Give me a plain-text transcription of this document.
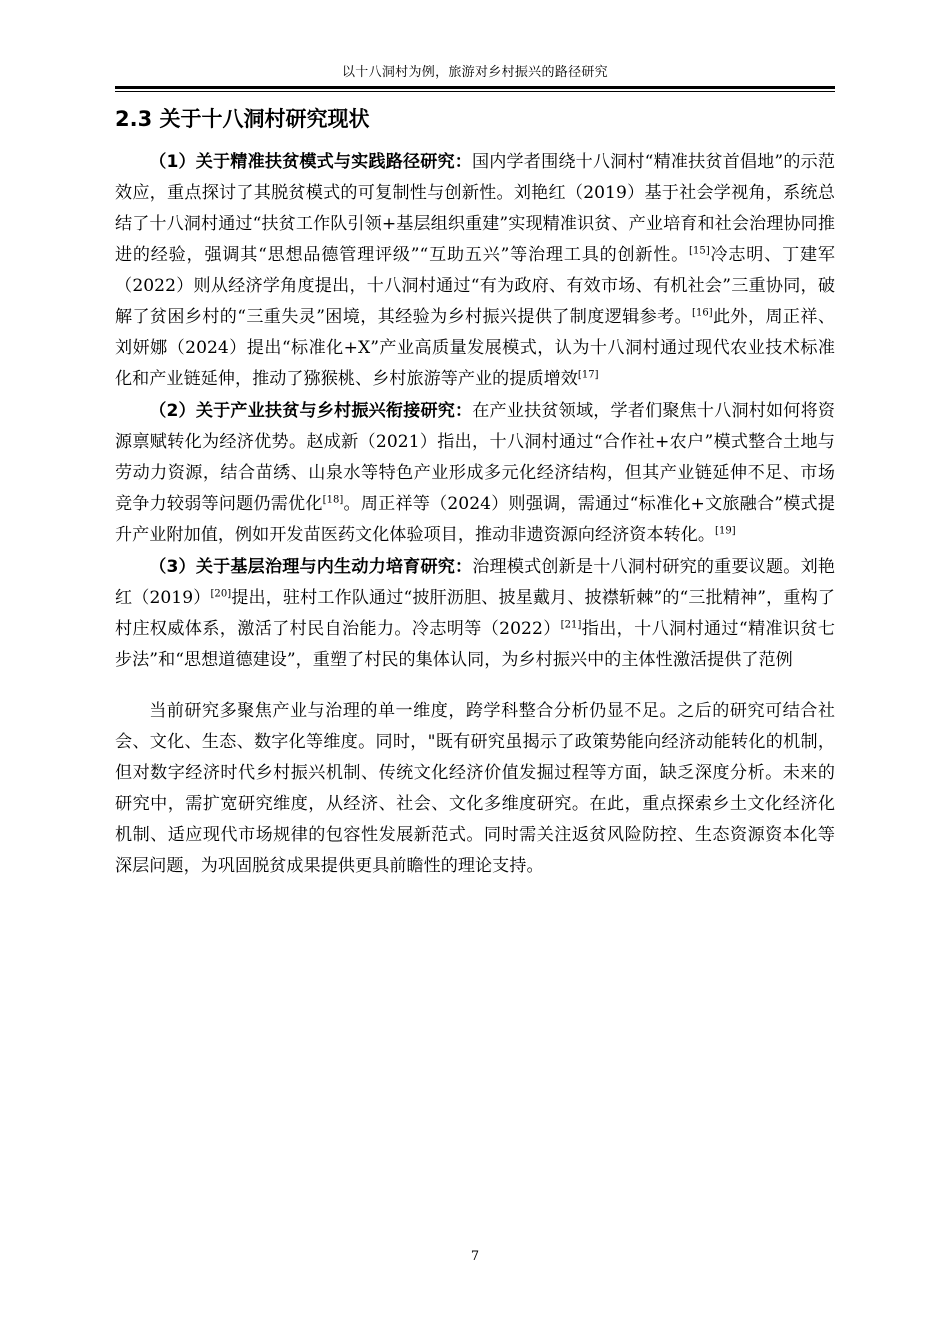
以十八洞村为例，旅游对乡村振兴的路径研究
2.3 关于十八洞村研究现状

（1）关于精准扶贫模式与实践路径研究：国内学者围绕十八洞村“精准扶贫首倡地”的示范效应，重点探讨了其脱贫模式的可复制性与创新性。刘艳红（2019）基于社会学视角，系统总结了十八洞村通过“扶贫工作队引领+基层组织重建”实现精准识贫、产业培育和社会治理协同推进的经验，强调其“思想品德管理评级”“互助五兴”等治理工具的创新性。[15]冷志明、丁建军（2022）则从经济学角度提出，十八洞村通过“有为政府、有效市场、有机社会”三重协同，破解了贫困乡村的“三重失灵”困境，其经验为乡村振兴提供了制度逻辑参考。[16]此外，周正祥、刘妍娜（2024）提出“标准化+X”产业高质量发展模式，认为十八洞村通过现代农业技术标准化和产业链延伸，推动了猕猴桃、乡村旅游等产业的提质增效[17]

（2）关于产业扶贫与乡村振兴衔接研究：在产业扶贫领域，学者们聚焦十八洞村如何将资源禀赋转化为经济优势。赵成新（2021）指出，十八洞村通过“合作社+农户”模式整合土地与劳动力资源，结合苗绣、山泉水等特色产业形成多元化经济结构，但其产业链延伸不足、市场竞争力较弱等问题仍需优化[18]。周正祥等（2024）则强调，需通过“标准化+文旅融合”模式提升产业附加值，例如开发苗医药文化体验项目，推动非遗资源向经济资本转化。[19]

（3）关于基层治理与内生动力培育研究：治理模式创新是十八洞村研究的重要议题。刘艳红（2019）[20]提出，驻村工作队通过“披肝沥胆、披星戴月、披襟斩棘”的“三批精神”，重构了村庄权威体系，激活了村民自治能力。冷志明等（2022）[21]指出，十八洞村通过“精准识贫七步法”和“思想道德建设”，重塑了村民的集体认同，为乡村振兴中的主体性激活提供了范例

当前研究多聚焦产业与治理的单一维度，跨学科整合分析仍显不足。之后的研究可结合社会、文化、生态、数字化等维度。同时，"既有研究虽揭示了政策势能向经济动能转化的机制，但对数字经济时代乡村振兴机制、传统文化经济价值发掘过程等方面，缺乏深度分析。未来的研究中，需扩宽研究维度，从经济、社会、文化多维度研究。在此，重点探索乡土文化经济化机制、适应现代市场规律的包容性发展新范式。同时需关注返贫风险防控、生态资源资本化等深层问题，为巩固脱贫成果提供更具前瞻性的理论支持。

7
